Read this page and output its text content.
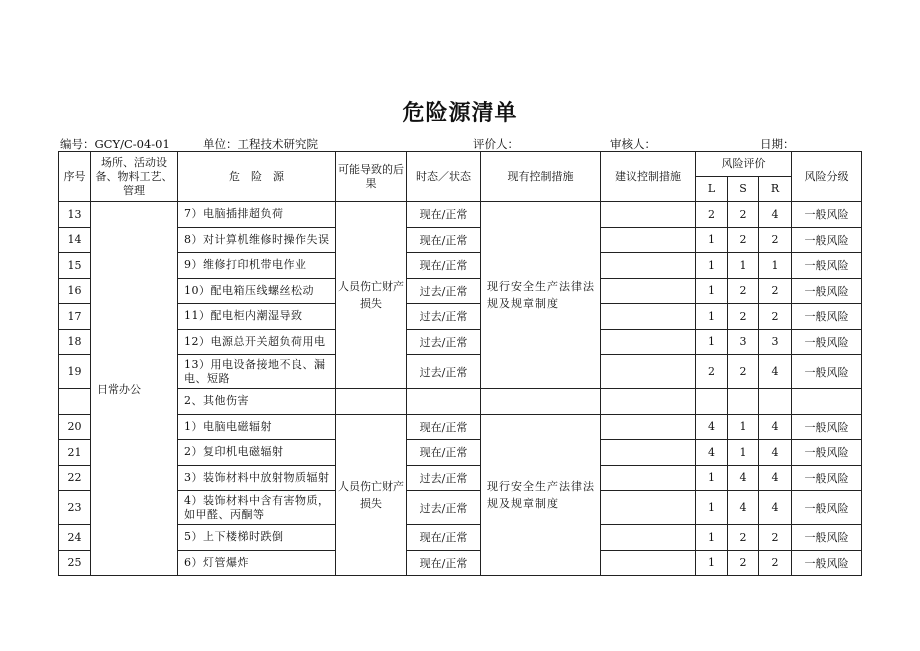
危险源清单
编号：GCY/C-04-01	单位：工程技术研究院	评价人：	审核人：	日期：
序号	场所、活动设备、物料工艺、管理	危　险　源	可能导致的后果	时态／状态	现有控制措施	建议控制措施	风险评价			风险分级
							L	S	R	
13	日常办公	7）电脑插排超负荷	人员伤亡财产损失	现在/正常	现行安全生产法律法规及规章制度		2	2	4	一般风险
14		8）对计算机维修时操作失误		现在/正常			1	2	2	一般风险
15		9）维修打印机带电作业		现在/正常			1	1	1	一般风险
16		10）配电箱压线螺丝松动		过去/正常			1	2	2	一般风险
17		11）配电柜内潮湿导致		过去/正常			1	2	2	一般风险
18		12）电源总开关超负荷用电		过去/正常			1	3	3	一般风险
19		13）用电设备接地不良、漏电、短路		过去/正常			2	2	4	一般风险
		2、其他伤害								
20		1）电脑电磁辐射	人员伤亡财产损失	现在/正常	现行安全生产法律法规及规章制度		4	1	4	一般风险
21		2）复印机电磁辐射		现在/正常			4	1	4	一般风险
22		3）装饰材料中放射物质辐射		过去/正常			1	4	4	一般风险
23		4）装饰材料中含有害物质，如甲醛、丙酮等		过去/正常			1	4	4	一般风险
24		5）上下楼梯时跌倒		现在/正常			1	2	2	一般风险
25		6）灯管爆炸		现在/正常			1	2	2	一般风险
